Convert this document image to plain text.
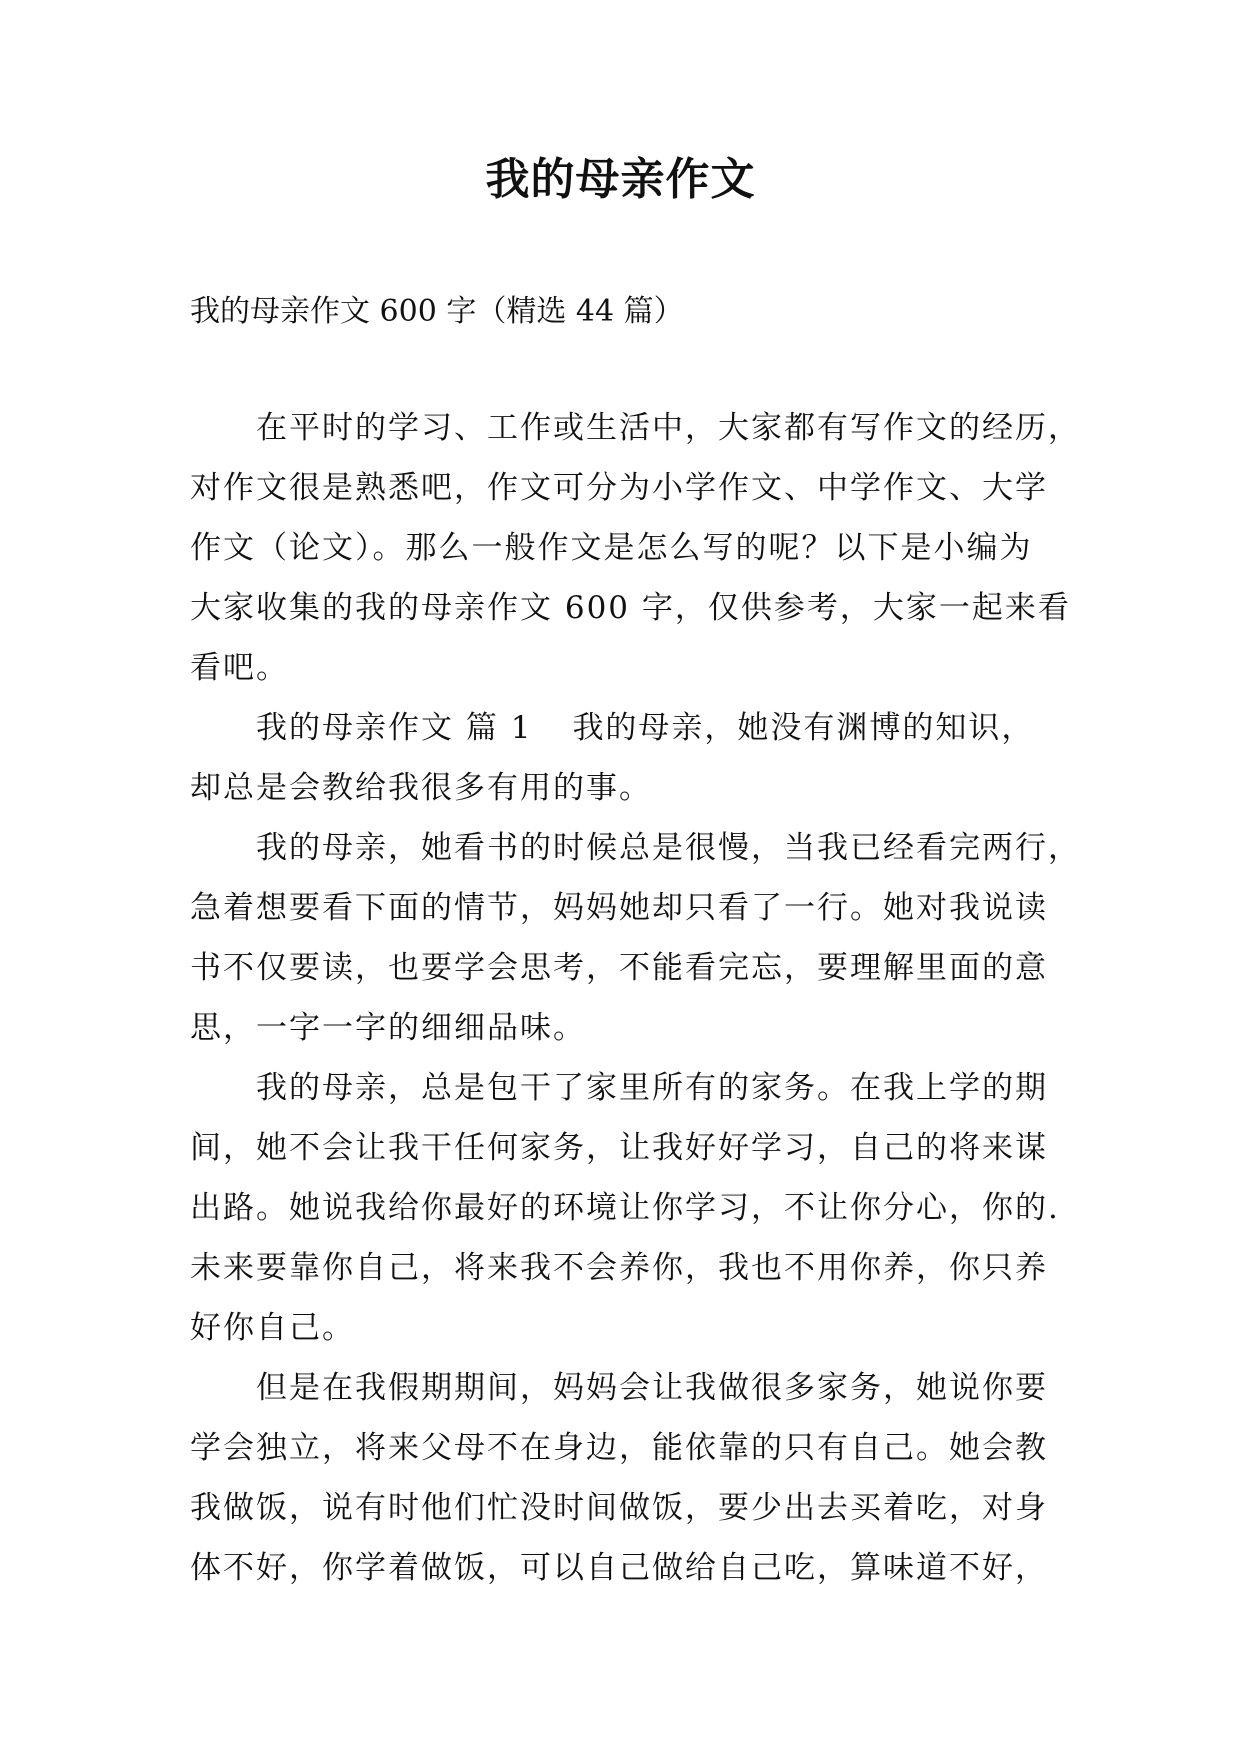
我的母亲作文

我的母亲作文 600 字（精选 44 篇）

在平时的学习、工作或生活中，大家都有写作文的经历，
对作文很是熟悉吧，作文可分为小学作文、中学作文、大学
作文（论文）。那么一般作文是怎么写的呢？以下是小编为
大家收集的我的母亲作文 600 字，仅供参考，大家一起来看
看吧。

我的母亲作文 篇 1 我的母亲，她没有渊博的知识，
却总是会教给我很多有用的事。

我的母亲，她看书的时候总是很慢，当我已经看完两行，
急着想要看下面的情节，妈妈她却只看了一行。她对我说读
书不仅要读，也要学会思考，不能看完忘，要理解里面的意
思，一字一字的细细品味。

我的母亲，总是包干了家里所有的家务。在我上学的期
间，她不会让我干任何家务，让我好好学习，自己的将来谋
出路。她说我给你最好的环境让你学习，不让你分心，你的.
未来要靠你自己，将来我不会养你，我也不用你养，你只养
好你自己。

但是在我假期期间，妈妈会让我做很多家务，她说你要
学会独立，将来父母不在身边，能依靠的只有自己。她会教
我做饭，说有时他们忙没时间做饭，要少出去买着吃，对身
体不好，你学着做饭，可以自己做给自己吃，算味道不好，
